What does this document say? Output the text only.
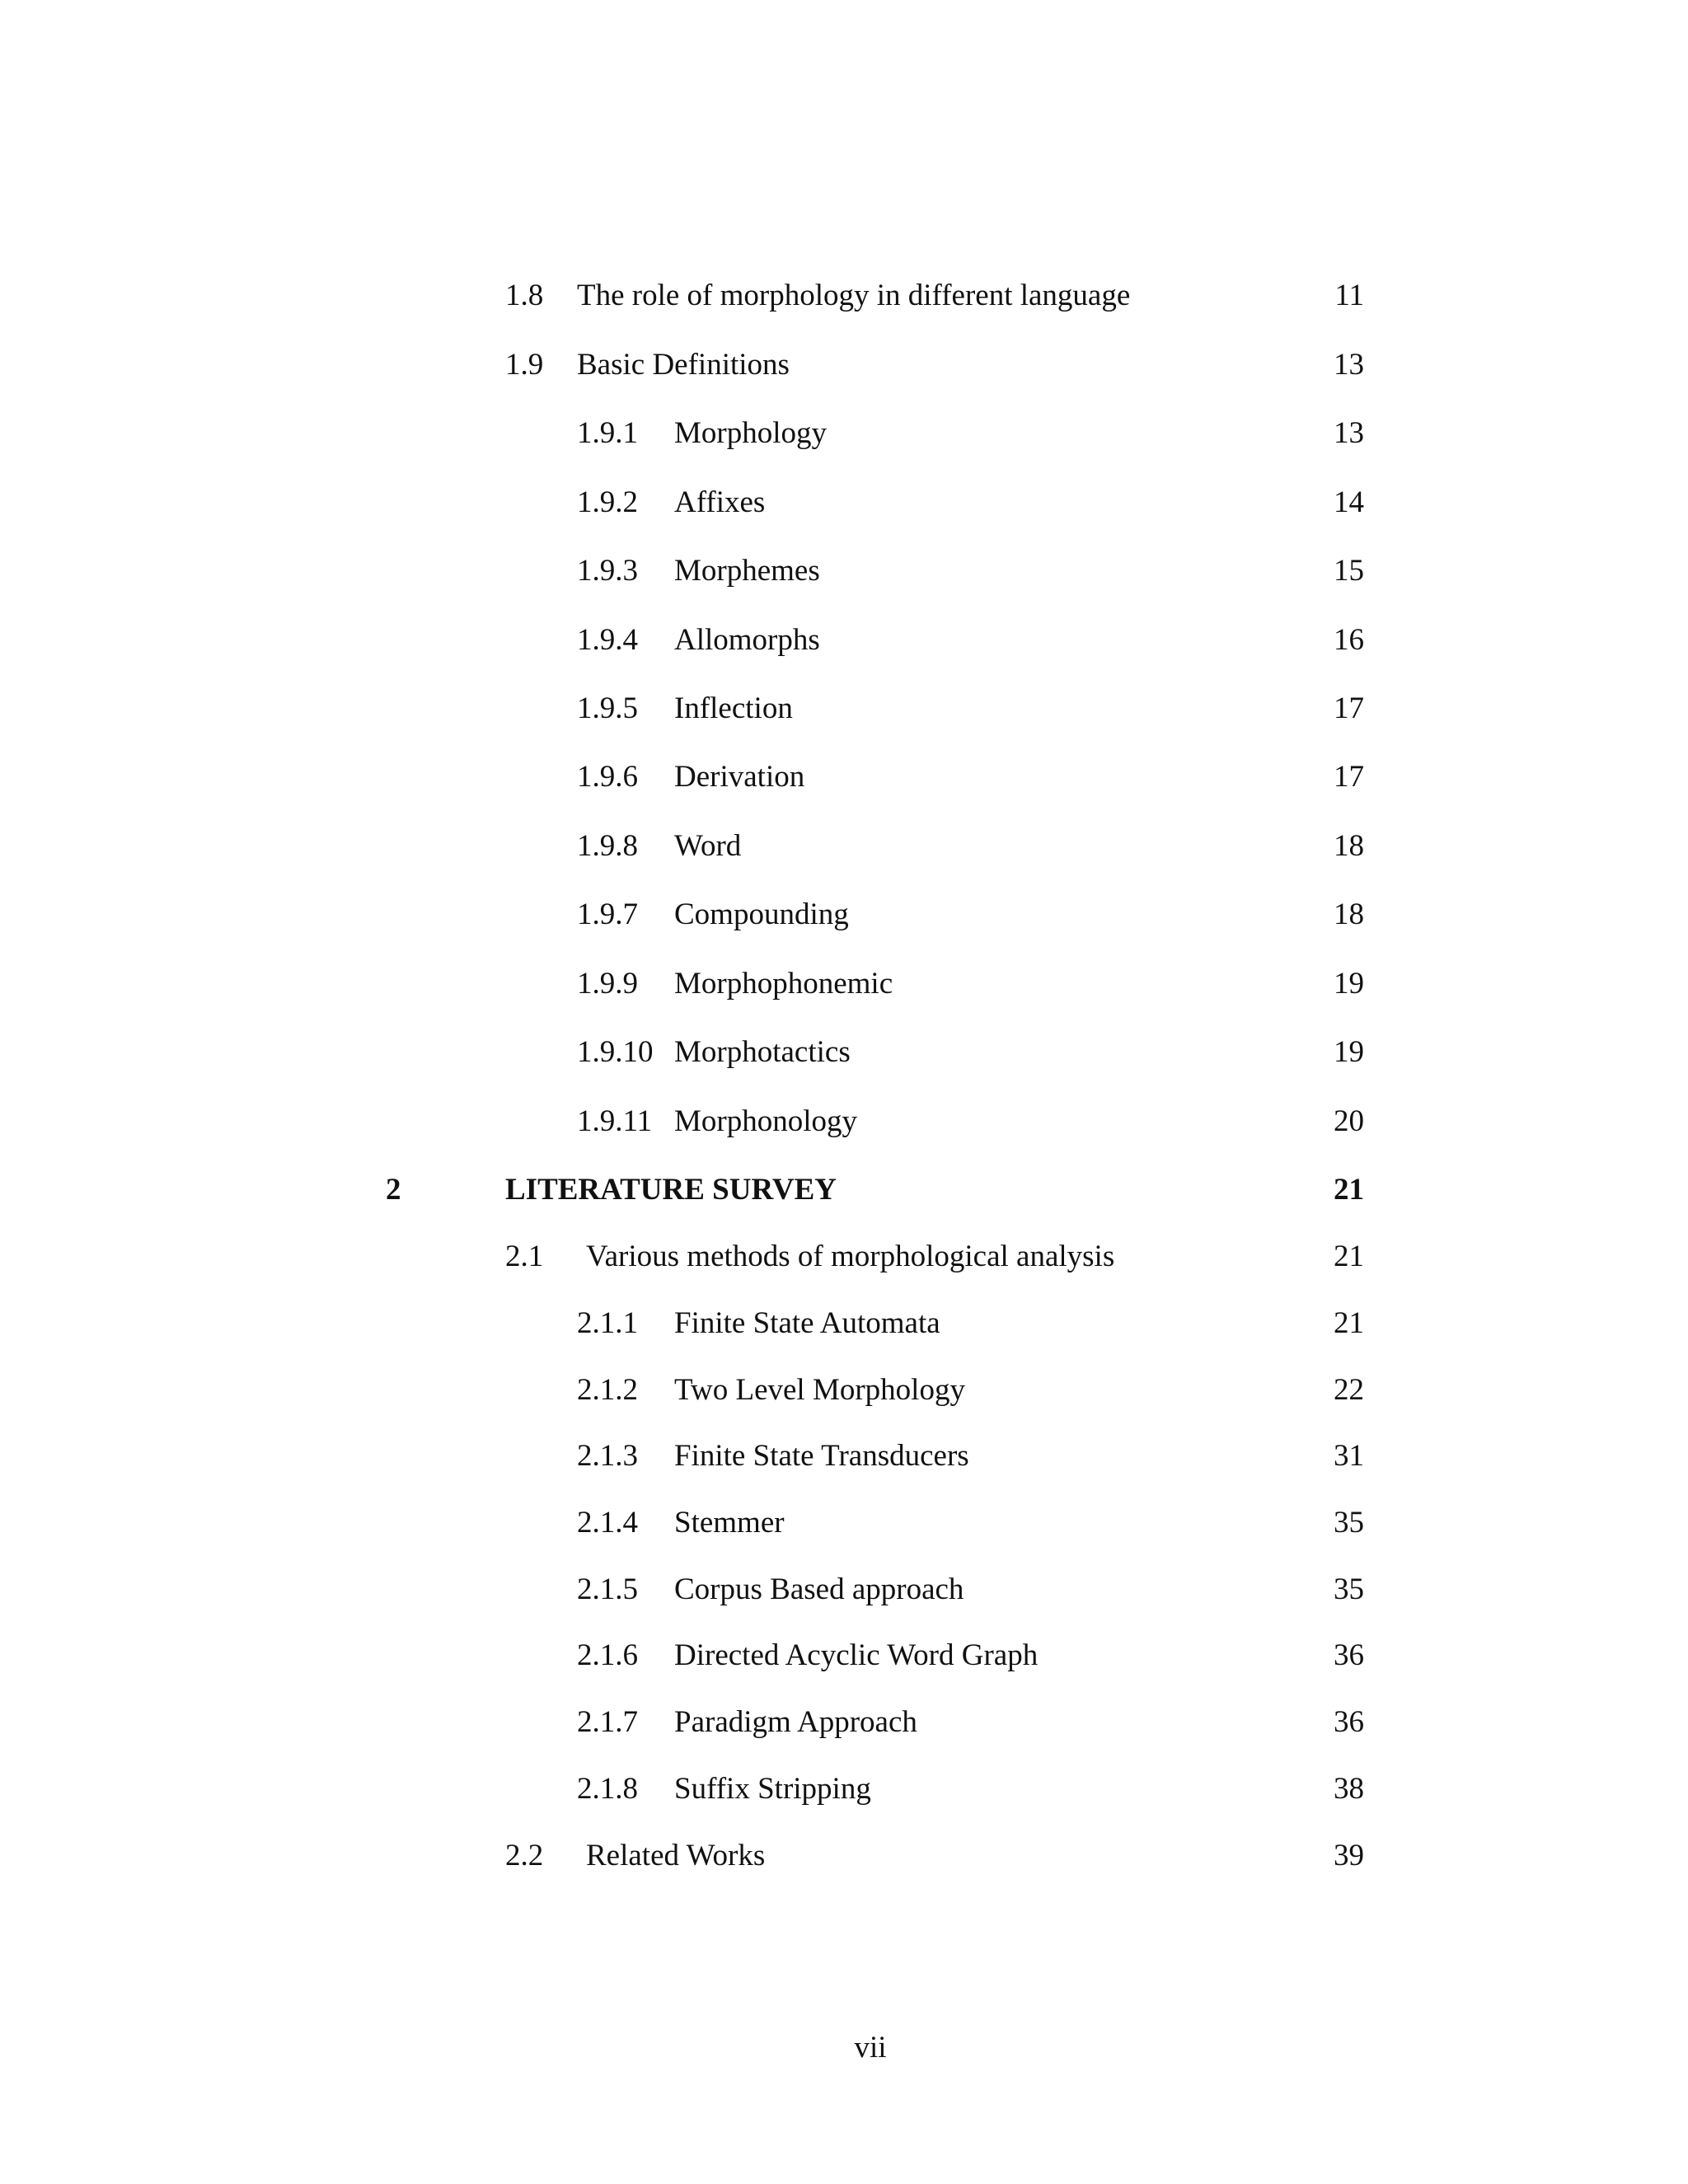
1.8 The role of morphology in different language	11
1.9 Basic Definitions	13
1.9.1 Morphology	13
1.9.2 Affixes	14
1.9.3 Morphemes	15
1.9.4 Allomorphs	16
1.9.5 Inflection	17
1.9.6 Derivation	17
1.9.8 Word	18
1.9.7 Compounding	18
1.9.9 Morphophonemic	19
1.9.10 Morphotactics	19
1.9.11 Morphonology	20
2	LITERATURE SURVEY	21
2.1 Various methods of morphological analysis	21
2.1.1 Finite State Automata	21
2.1.2 Two Level Morphology	22
2.1.3 Finite State Transducers	31
2.1.4 Stemmer	35
2.1.5 Corpus Based approach	35
2.1.6 Directed Acyclic Word Graph	36
2.1.7 Paradigm Approach	36
2.1.8 Suffix Stripping	38
2.2 Related Works	39
vii
